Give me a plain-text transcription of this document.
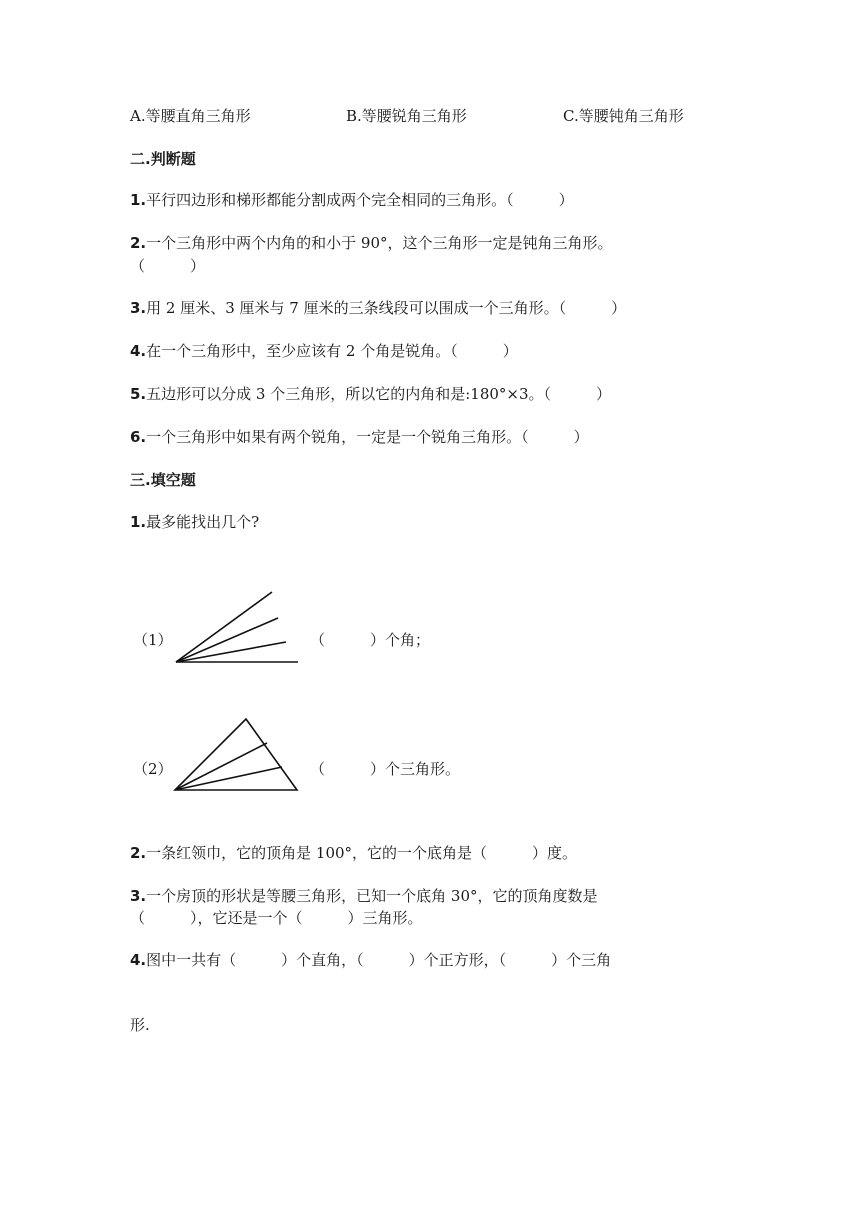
A.等腰直角三角形	B.等腰锐角三角形	C.等腰钝角三角形
二.判断题
1.平行四边形和梯形都能分割成两个完全相同的三角形。（　　　）
2.一个三角形中两个内角的和小于 90°，这个三角形一定是钝角三角形。
（　　　）
3.用 2 厘米、3 厘米与 7 厘米的三条线段可以围成一个三角形。（　　　）
4.在一个三角形中，至少应该有 2 个角是锐角。（　　　）
5.五边形可以分成 3 个三角形，所以它的内角和是:180°×3。（　　　）
6.一个三角形中如果有两个锐角，一定是一个锐角三角形。（　　　）
三.填空题
1.最多能找出几个?
（1）	（　　　）个角；
（2）	（　　　）个三角形。
2.一条红领巾，它的顶角是 100°，它的一个底角是（　　　）度。
3.一个房顶的形状是等腰三角形，已知一个底角 30°，它的顶角度数是
（　　　），它还是一个（　　　）三角形。
4.图中一共有（　　　）个直角，（　　　）个正方形，（　　　）个三角
形.
